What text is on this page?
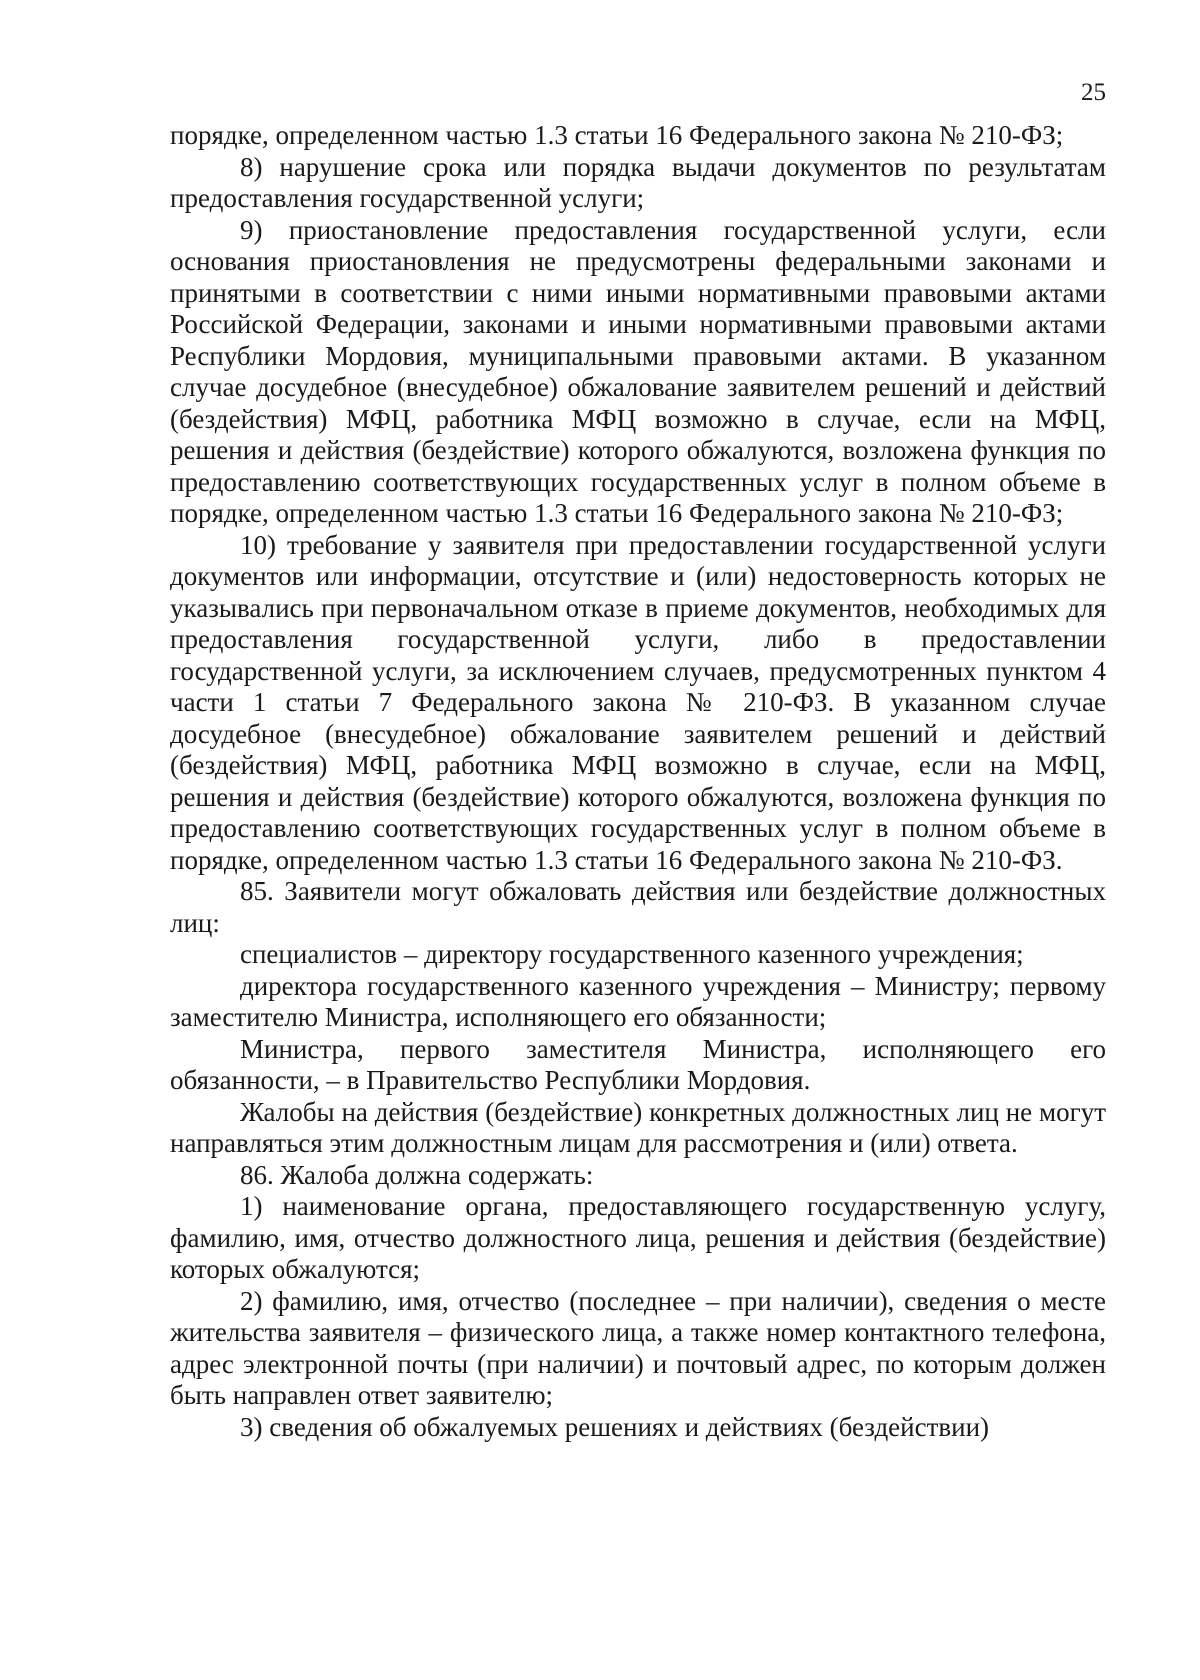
25

порядке, определенном частью 1.3 статьи 16 Федерального закона № 210-ФЗ;

8) нарушение срока или порядка выдачи документов по результатам предоставления государственной услуги;

9) приостановление предоставления государственной услуги, если основания приостановления не предусмотрены федеральными законами и принятыми в соответствии с ними иными нормативными правовыми актами Российской Федерации, законами и иными нормативными правовыми актами Республики Мордовия, муниципальными правовыми актами. В указанном случае досудебное (внесудебное) обжалование заявителем решений и действий (бездействия) МФЦ, работника МФЦ возможно в случае, если на МФЦ, решения и действия (бездействие) которого обжалуются, возложена функция по предоставлению соответствующих государственных услуг в полном объеме в порядке, определенном частью 1.3 статьи 16 Федерального закона № 210-ФЗ;

10) требование у заявителя при предоставлении государственной услуги документов или информации, отсутствие и (или) недостоверность которых не указывались при первоначальном отказе в приеме документов, необходимых для предоставления государственной услуги, либо в предоставлении государственной услуги, за исключением случаев, предусмотренных пунктом 4 части 1 статьи 7 Федерального закона № 210-ФЗ. В указанном случае досудебное (внесудебное) обжалование заявителем решений и действий (бездействия) МФЦ, работника МФЦ возможно в случае, если на МФЦ, решения и действия (бездействие) которого обжалуются, возложена функция по предоставлению соответствующих государственных услуг в полном объеме в порядке, определенном частью 1.3 статьи 16 Федерального закона № 210-ФЗ.

85. Заявители могут обжаловать действия или бездействие должностных лиц:

специалистов – директору государственного казенного учреждения;

директора государственного казенного учреждения – Министру; первому заместителю Министра, исполняющего его обязанности;

Министра, первого заместителя Министра, исполняющего его обязанности, – в Правительство Республики Мордовия.

Жалобы на действия (бездействие) конкретных должностных лиц не могут направляться этим должностным лицам для рассмотрения и (или) ответа.

86. Жалоба должна содержать:

1) наименование органа, предоставляющего государственную услугу, фамилию, имя, отчество должностного лица, решения и действия (бездействие) которых обжалуются;

2) фамилию, имя, отчество (последнее – при наличии), сведения о месте жительства заявителя – физического лица, а также номер контактного телефона, адрес электронной почты (при наличии) и почтовый адрес, по которым должен быть направлен ответ заявителю;

3) сведения об обжалуемых решениях и действиях (бездействии)
